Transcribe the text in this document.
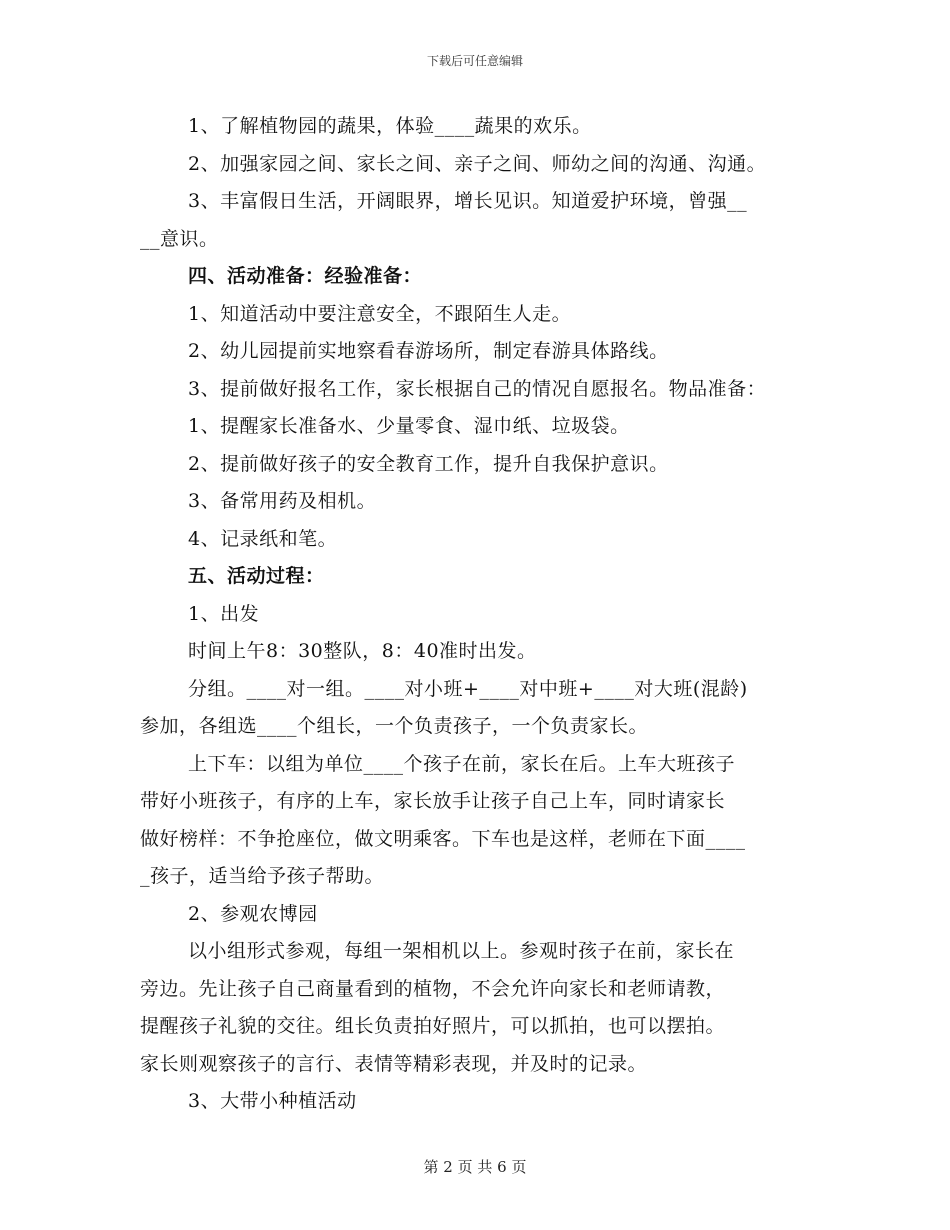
下载后可任意编辑
1、了解植物园的蔬果，体验____蔬果的欢乐。
2、加强家园之间、家长之间、亲子之间、师幼之间的沟通、沟通。
3、丰富假日生活，开阔眼界，增长见识。知道爱护环境，曾强__
__意识。
四、活动准备：经验准备：
1、知道活动中要注意安全，不跟陌生人走。
2、幼儿园提前实地察看春游场所，制定春游具体路线。
3、提前做好报名工作，家长根据自己的情况自愿报名。物品准备：
1、提醒家长准备水、少量零食、湿巾纸、垃圾袋。
2、提前做好孩子的安全教育工作，提升自我保护意识。
3、备常用药及相机。
4、记录纸和笔。
五、活动过程：
1、出发
时间上午8：30整队，8：40准时出发。
分组。____对一组。____对小班+____对中班+____对大班(混龄)
参加，各组选____个组长，一个负责孩子，一个负责家长。
上下车：以组为单位____个孩子在前，家长在后。上车大班孩子
带好小班孩子，有序的上车，家长放手让孩子自己上车，同时请家长
做好榜样：不争抢座位，做文明乘客。下车也是这样，老师在下面____
_孩子，适当给予孩子帮助。
2、参观农博园
以小组形式参观，每组一架相机以上。参观时孩子在前，家长在
旁边。先让孩子自己商量看到的植物，不会允许向家长和老师请教，
提醒孩子礼貌的交往。组长负责拍好照片，可以抓拍，也可以摆拍。
家长则观察孩子的言行、表情等精彩表现，并及时的记录。
3、大带小种植活动
第 2 页 共 6 页
